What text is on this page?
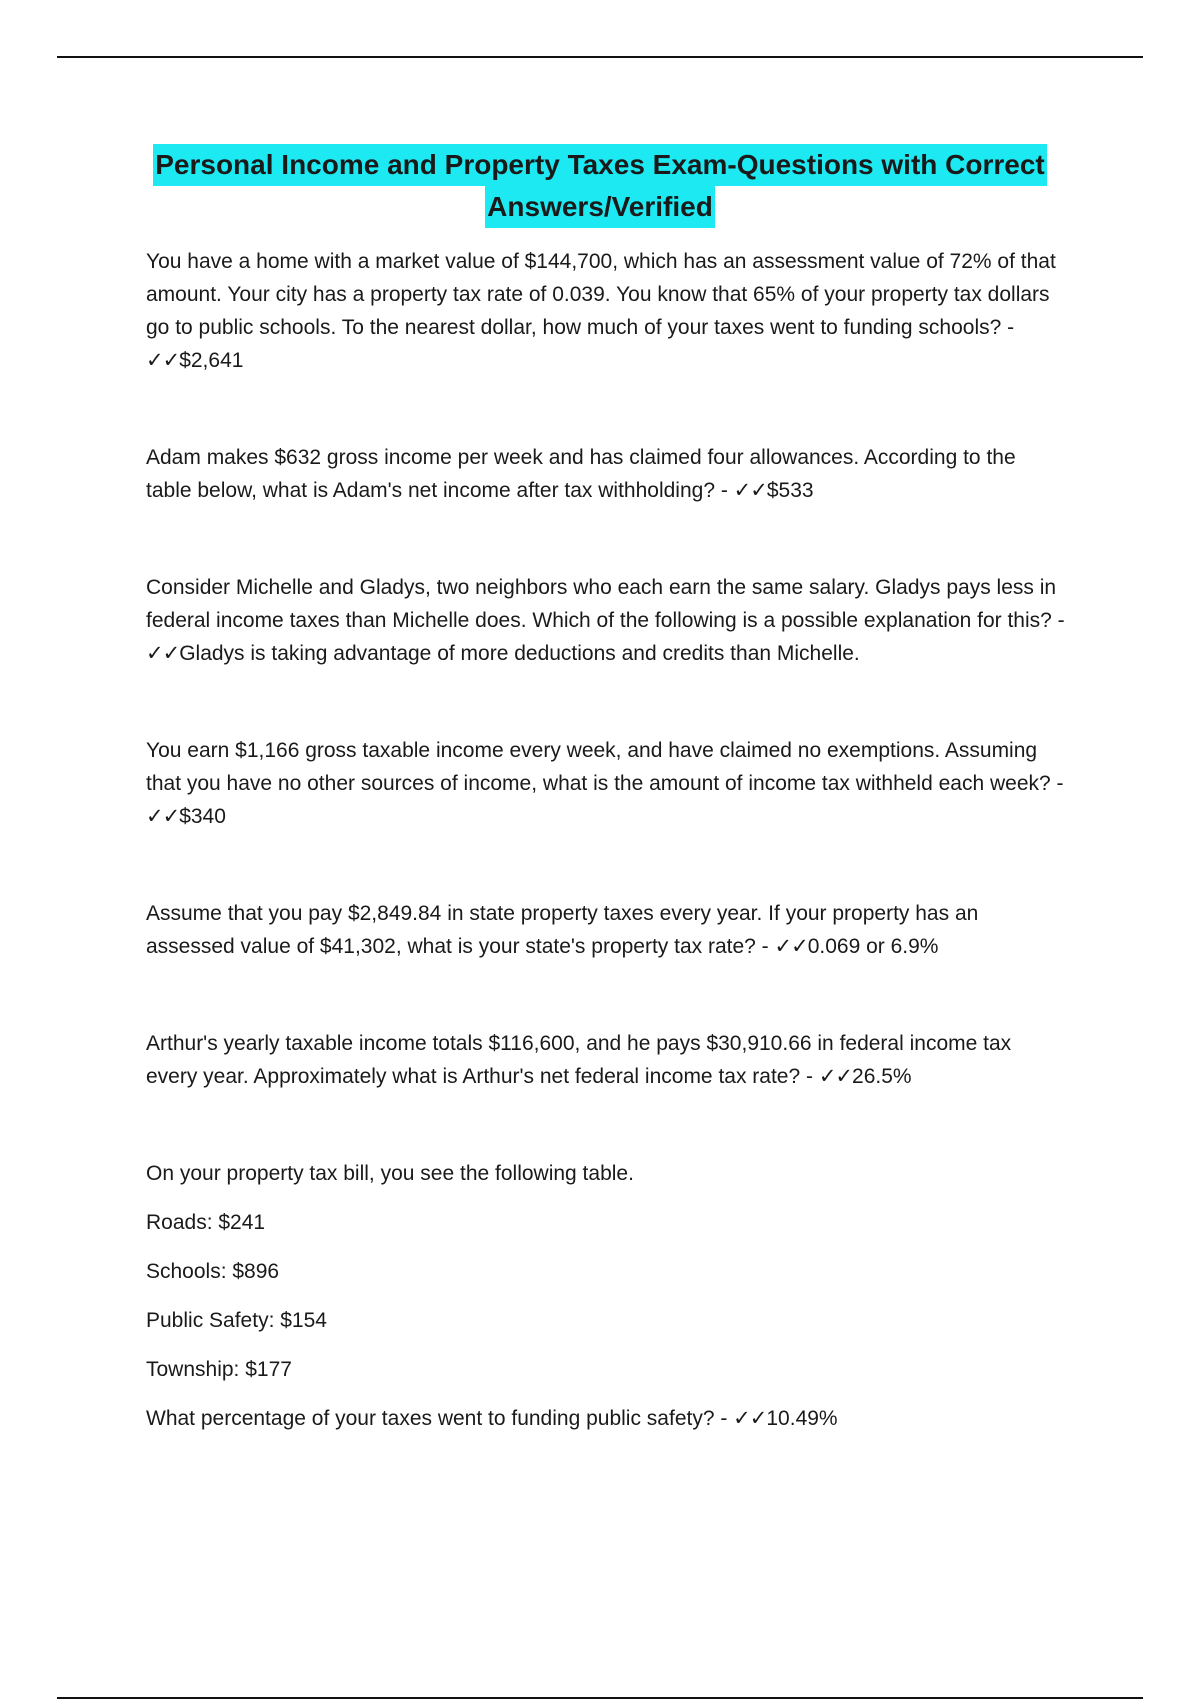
Personal Income and Property Taxes Exam-Questions with Correct
Answers/Verified

You have a home with a market value of $144,700, which has an assessment value of 72% of that amount. Your city has a property tax rate of 0.039. You know that 65% of your property tax dollars go to public schools. To the nearest dollar, how much of your taxes went to funding schools? - ✓✓$2,641

Adam makes $632 gross income per week and has claimed four allowances. According to the table below, what is Adam's net income after tax withholding? - ✓✓$533

Consider Michelle and Gladys, two neighbors who each earn the same salary. Gladys pays less in federal income taxes than Michelle does. Which of the following is a possible explanation for this? - ✓✓Gladys is taking advantage of more deductions and credits than Michelle.

You earn $1,166 gross taxable income every week, and have claimed no exemptions. Assuming that you have no other sources of income, what is the amount of income tax withheld each week? - ✓✓$340

Assume that you pay $2,849.84 in state property taxes every year. If your property has an assessed value of $41,302, what is your state's property tax rate? - ✓✓0.069 or 6.9%

Arthur's yearly taxable income totals $116,600, and he pays $30,910.66 in federal income tax every year. Approximately what is Arthur's net federal income tax rate? - ✓✓26.5%

On your property tax bill, you see the following table.

Roads: $241

Schools: $896

Public Safety: $154

Township: $177

What percentage of your taxes went to funding public safety? - ✓✓10.49%
